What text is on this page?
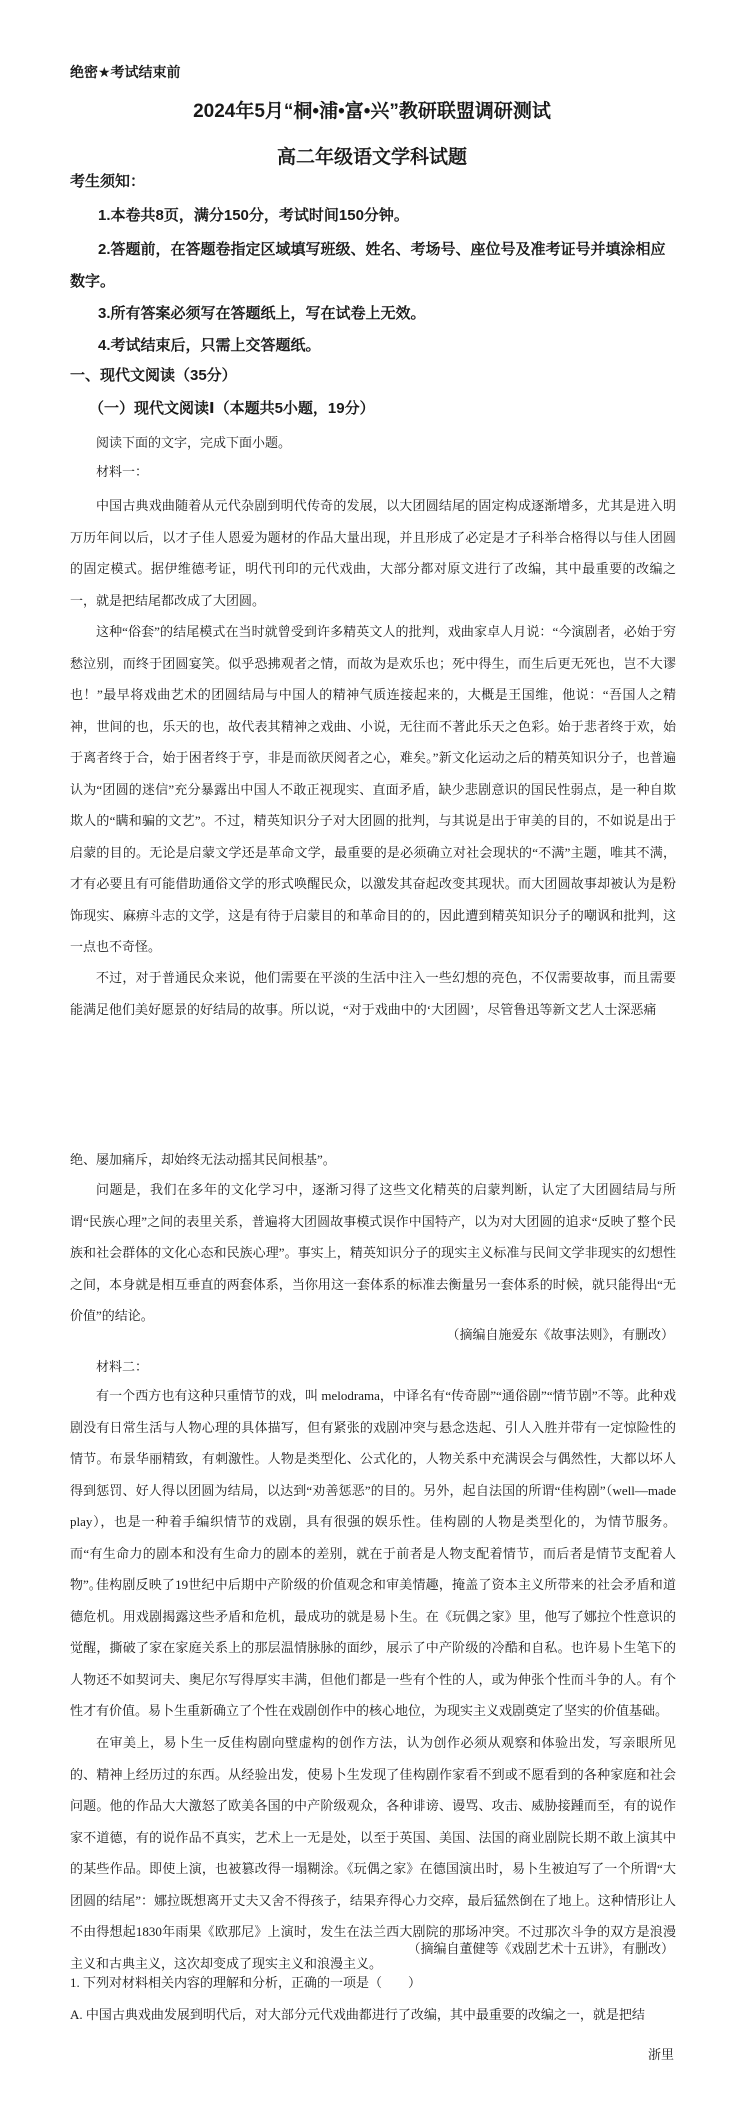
绝密★考试结束前
2024年5月“桐•浦•富•兴”教研联盟调研测试
高二年级语文学科试题
考生须知：
1.本卷共8页，满分150分，考试时间150分钟。
2.答题前，在答题卷指定区域填写班级、姓名、考场号、座位号及准考证号并填涂相应
数字。
3.所有答案必须写在答题纸上，写在试卷上无效。
4.考试结束后，只需上交答题纸。
一、现代文阅读（35分）
（一）现代文阅读Ⅰ（本题共5小题，19分）
阅读下面的文字，完成下面小题。
材料一：

中国古典戏曲随着从元代杂剧到明代传奇的发展，以大团圆结尾的固定构成逐渐增多，尤其是进入明万历年间以后，以才子佳人恩爱为题材的作品大量出现，并且形成了必定是才子科举合格得以与佳人团圆的固定模式。据伊维德考证，明代刊印的元代戏曲，大部分都对原文进行了改编，其中最重要的改编之一，就是把结尾都改成了大团圆。

这种“俗套”的结尾模式在当时就曾受到许多精英文人的批判，戏曲家卓人月说：“今演剧者，必始于穷愁泣别，而终于团圆宴笑。似乎恐拂观者之情，而故为是欢乐也；死中得生，而生后更无死也，岂不大谬也！”最早将戏曲艺术的团圆结局与中国人的精神气质连接起来的，大概是王国维，他说：“吾国人之精神，世间的也，乐天的也，故代表其精神之戏曲、小说，无往而不著此乐天之色彩。始于悲者终于欢，始于离者终于合，始于困者终于亨，非是而欲厌阅者之心，难矣。”新文化运动之后的精英知识分子，也普遍认为“团圆的迷信”充分暴露出中国人不敢正视现实、直面矛盾，缺少悲剧意识的国民性弱点，是一种自欺欺人的“瞒和骗的文艺”。不过，精英知识分子对大团圆的批判，与其说是出于审美的目的，不如说是出于启蒙的目的。无论是启蒙文学还是革命文学，最重要的是必须确立对社会现状的“不满”主题，唯其不满，才有必要且有可能借助通俗文学的形式唤醒民众，以激发其奋起改变其现状。而大团圆故事却被认为是粉饰现实、麻痹斗志的文学，这是有待于启蒙目的和革命目的的，因此遭到精英知识分子的嘲讽和批判，这一点也不奇怪。

不过，对于普通民众来说，他们需要在平淡的生活中注入一些幻想的亮色，不仅需要故事，而且需要能满足他们美好愿景的好结局的故事。所以说，“对于戏曲中的‘大团圆’，尽管鲁迅等新文艺人士深恶痛

绝、屡加痛斥，却始终无法动摇其民间根基”。

问题是，我们在多年的文化学习中，逐渐习得了这些文化精英的启蒙判断，认定了大团圆结局与所谓“民族心理”之间的表里关系，普遍将大团圆故事模式误作中国特产，以为对大团圆的追求“反映了整个民族和社会群体的文化心态和民族心理”。事实上，精英知识分子的现实主义标准与民间文学非现实的幻想性之间，本身就是相互垂直的两套体系，当你用这一套体系的标准去衡量另一套体系的时候，就只能得出“无价值”的结论。

（摘编自施爱东《故事法则》，有删改）
材料二：

有一个西方也有这种只重情节的戏，叫 melodrama，中译名有“传奇剧”“通俗剧”“情节剧”不等。此种戏剧没有日常生活与人物心理的具体描写，但有紧张的戏剧冲突与悬念迭起、引人入胜并带有一定惊险性的情节。布景华丽精致，有刺激性。人物是类型化、公式化的，人物关系中充满误会与偶然性，大都以坏人得到惩罚、好人得以团圆为结局，以达到“劝善惩恶”的目的。另外，起自法国的所谓“佳构剧”（well—made play），也是一种着手编织情节的戏剧，具有很强的娱乐性。佳构剧的人物是类型化的，为情节服务。而“有生命力的剧本和没有生命力的剧本的差别，就在于前者是人物支配着情节，而后者是情节支配着人物”。

佳构剧反映了19世纪中后期中产阶级的价值观念和审美情趣，掩盖了资本主义所带来的社会矛盾和道德危机。用戏剧揭露这些矛盾和危机，最成功的就是易卜生。在《玩偶之家》里，他写了娜拉个性意识的觉醒，撕破了家在家庭关系上的那层温情脉脉的面纱，展示了中产阶级的冷酷和自私。也许易卜生笔下的人物还不如契诃夫、奥尼尔写得厚实丰满，但他们都是一些有个性的人，或为伸张个性而斗争的人。有个性才有价值。易卜生重新确立了个性在戏剧创作中的核心地位，为现实主义戏剧奠定了坚实的价值基础。

在审美上，易卜生一反佳构剧向壁虚构的创作方法，认为创作必须从观察和体验出发，写亲眼所见的、精神上经历过的东西。从经验出发，使易卜生发现了佳构剧作家看不到或不愿看到的各种家庭和社会问题。他的作品大大激怒了欧美各国的中产阶级观众，各种诽谤、谩骂、攻击、威胁接踵而至，有的说作家不道德，有的说作品不真实，艺术上一无是处，以至于英国、美国、法国的商业剧院长期不敢上演其中的某些作品。即使上演，也被篡改得一塌糊涂。《玩偶之家》在德国演出时，易卜生被迫写了一个所谓“大团圆的结尾”：娜拉既想离开丈夫又舍不得孩子，结果弃得心力交瘁，最后猛然倒在了地上。这种情形让人不由得想起1830年雨果《欧那尼》上演时，发生在法兰西大剧院的那场冲突。不过那次斗争的双方是浪漫主义和古典主义，这次却变成了现实主义和浪漫主义。

（摘编自董健等《戏剧艺术十五讲》，有删改）
1. 下列对材料相关内容的理解和分析，正确的一项是（　　）
A. 中国古典戏曲发展到明代后，对大部分元代戏曲都进行了改编，其中最重要的改编之一，就是把结
浙里
